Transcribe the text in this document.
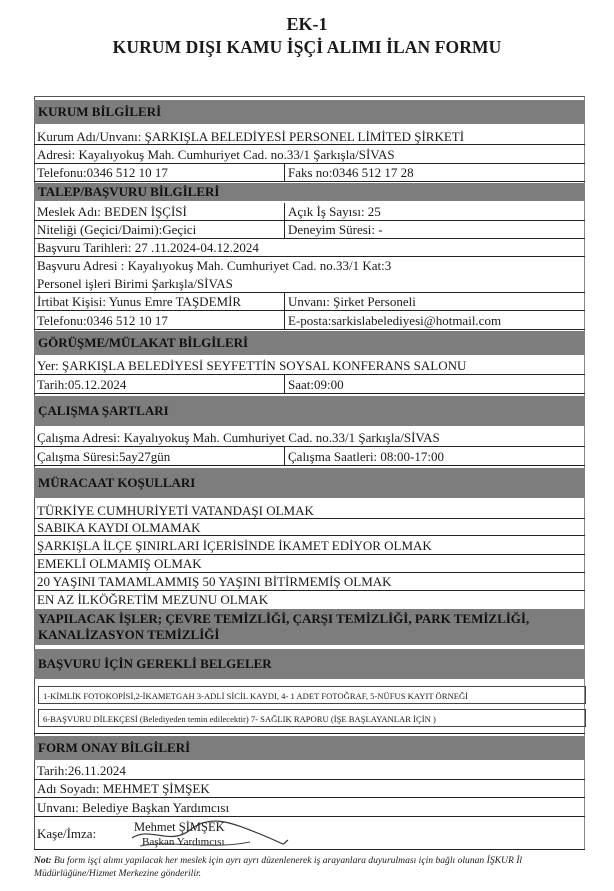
EK-1
KURUM DIŞI KAMU İŞÇİ ALIMI İLAN FORMU
KURUM BİLGİLERİ
Kurum Adı/Unvanı: ŞARKIŞLA BELEDİYESİ PERSONEL LİMİTED ŞİRKETİ
Adresi: Kayalıyokuş Mah. Cumhuriyet Cad. no.33/1 Şarkışla/SİVAS
Telefonu:0346 512 10 17	Faks no:0346 512 17 28
TALEP/BAŞVURU BİLGİLERİ
Meslek Adı: BEDEN İŞÇİSİ	Açık İş Sayısı: 25
Niteliği (Geçici/Daimi):Geçici	Deneyim Süresi: -
Başvuru Tarihleri: 27 .11.2024-04.12.2024
Başvuru Adresi : Kayalıyokuş Mah. Cumhuriyet Cad. no.33/1 Kat:3
Personel işleri Birimi Şarkışla/SİVAS
İrtibat Kişisi: Yunus Emre TAŞDEMİR	Unvanı: Şirket Personeli
Telefonu:0346 512 10 17	E-posta:sarkislabelediyesi@hotmail.com
GÖRÜŞME/MÜLAKAT BİLGİLERİ
Yer: ŞARKIŞLA BELEDİYESİ SEYFETTİN SOYSAL KONFERANS SALONU
Tarih:05.12.2024	Saat:09:00
ÇALIŞMA ŞARTLARI
Çalışma Adresi: Kayalıyokuş Mah. Cumhuriyet Cad. no.33/1 Şarkışla/SİVAS
Çalışma Süresi:5ay27gün	Çalışma Saatleri: 08:00-17:00
MÜRACAAT KOŞULLARI
TÜRKİYE CUMHURİYETİ VATANDAŞI OLMAK
SABIKA KAYDI OLMAMAK
ŞARKIŞLA İLÇE ŞINIRLARI İÇERİSİNDE İKAMET EDİYOR OLMAK
EMEKLİ OLMAMIŞ OLMAK
20 YAŞINI TAMAMLAMMIŞ 50 YAŞINI BİTİRMEMİŞ OLMAK
EN AZ İLKÖĞRETİM MEZUNU OLMAK
YAPILACAK İŞLER; ÇEVRE TEMİZLİĞİ, ÇARŞI TEMİZLİĞİ, PARK TEMİZLİĞİ,
KANALİZASYON TEMİZLİĞİ
BAŞVURU İÇİN GEREKLİ BELGELER
1-KİMLİK FOTOKOPİSİ,2-İKAMETGAH 3-ADLİ SİCİL KAYDI, 4- 1 ADET FOTOĞRAF, 5-NÜFUS KAYIT ÖRNEĞİ
6-BAŞVURU DİLEKÇESİ (Belediyeden temin edilecektir) 7- SAĞLIK RAPORU (İŞE BAŞLAYANLAR İÇİN )
FORM ONAY BİLGİLERİ
Tarih:26.11.2024
Adı Soyadı: MEHMET ŞİMŞEK
Unvanı: Belediye Başkan Yardımcısı
Kaşe/İmza:	Mehmet ŞİMŞEK
Başkan Yardımcısı
Not: Bu form işçi alımı yapılacak her meslek için ayrı ayrı düzenlenerek iş arayanlara duyurulması için bağlı olunan İŞKUR İl Müdürlüğüne/Hizmet Merkezine gönderilir.
